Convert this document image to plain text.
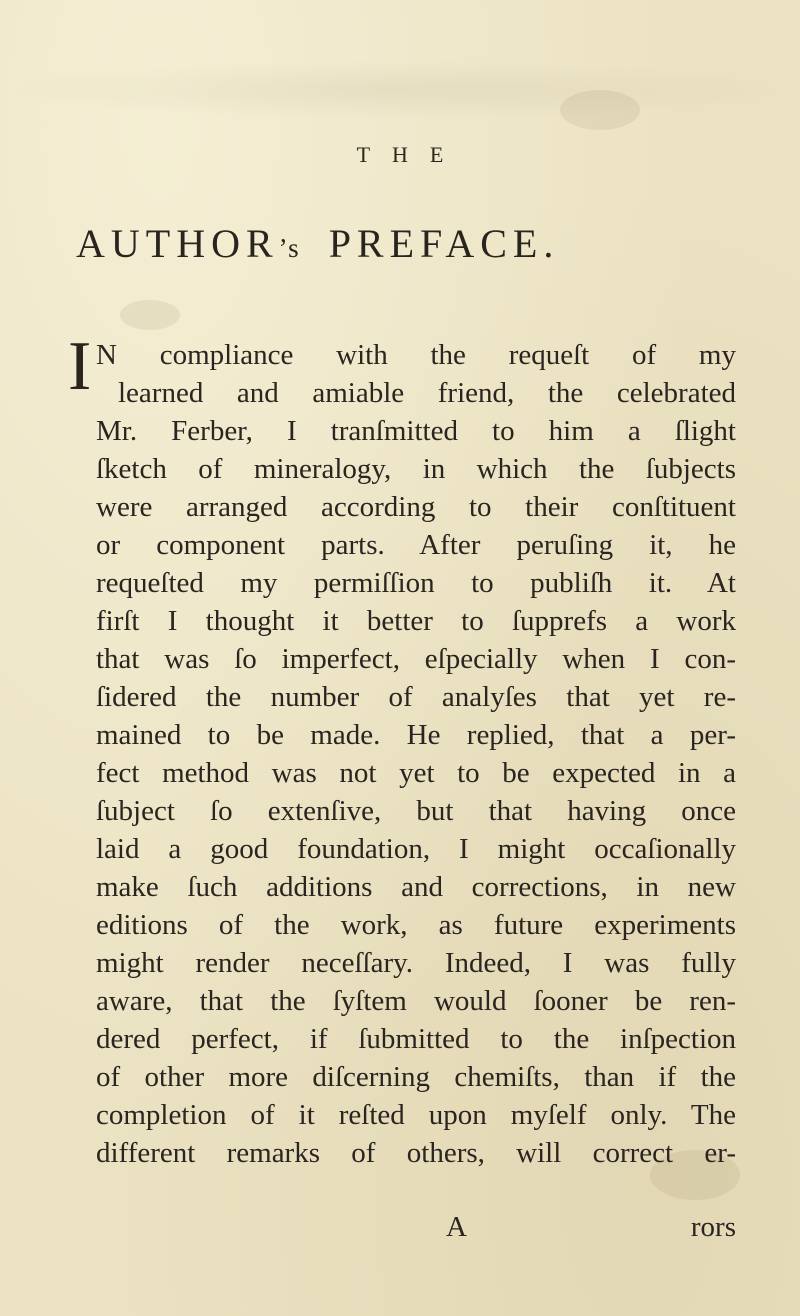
THE
AUTHOR’s PREFACE.
I N compliance with the requeſt of my
learned and amiable friend, the celebrated
Mr. Ferber, I tranſmitted to him a ſlight
ſketch of mineralogy, in which the ſubjects
were arranged according to their conſtituent
or component parts. After peruſing it, he
requeſted my permiſſion to publiſh it. At
firſt I thought it better to ſupprefs a work
that was ſo imperfect, eſpecially when I con-
ſidered the number of analyſes that yet re-
mained to be made. He replied, that a per-
fect method was not yet to be expected in a
ſubject ſo extenſive, but that having once
laid a good foundation, I might occaſionally
make ſuch additions and corrections, in new
editions of the work, as future experiments
might render neceſſary. Indeed, I was fully
aware, that the ſyſtem would ſooner be ren-
dered perfect, if ſubmitted to the inſpection
of other more diſcerning chemiſts, than if the
completion of it reſted upon myſelf only. The
different remarks of others, will correct er-
A	rors
